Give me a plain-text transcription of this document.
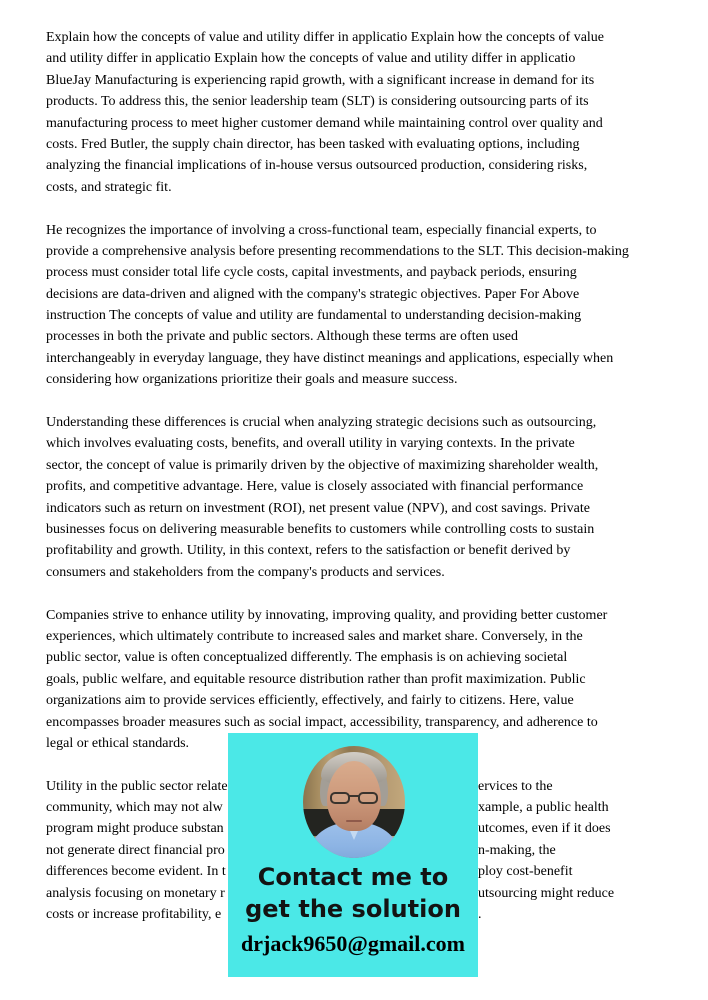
Explain how the concepts of value and utility differ in applicatio Explain how the concepts of value
and utility differ in applicatio Explain how the concepts of value and utility differ in applicatio
BlueJay Manufacturing is experiencing rapid growth, with a significant increase in demand for its
products. To address this, the senior leadership team (SLT) is considering outsourcing parts of its
manufacturing process to meet higher customer demand while maintaining control over quality and
costs. Fred Butler, the supply chain director, has been tasked with evaluating options, including
analyzing the financial implications of in-house versus outsourced production, considering risks,
costs, and strategic fit.
He recognizes the importance of involving a cross-functional team, especially financial experts, to
provide a comprehensive analysis before presenting recommendations to the SLT. This decision-making
process must consider total life cycle costs, capital investments, and payback periods, ensuring
decisions are data-driven and aligned with the company's strategic objectives. Paper For Above
instruction The concepts of value and utility are fundamental to understanding decision-making
processes in both the private and public sectors. Although these terms are often used
interchangeably in everyday language, they have distinct meanings and applications, especially when
considering how organizations prioritize their goals and measure success.
Understanding these differences is crucial when analyzing strategic decisions such as outsourcing,
which involves evaluating costs, benefits, and overall utility in varying contexts. In the private
sector, the concept of value is primarily driven by the objective of maximizing shareholder wealth,
profits, and competitive advantage. Here, value is closely associated with financial performance
indicators such as return on investment (ROI), net present value (NPV), and cost savings. Private
businesses focus on delivering measurable benefits to customers while controlling costs to sustain
profitability and growth. Utility, in this context, refers to the satisfaction or benefit derived by
consumers and stakeholders from the company's products and services.
Companies strive to enhance utility by innovating, improving quality, and providing better customer
experiences, which ultimately contribute to increased sales and market share. Conversely, in the
public sector, value is often conceptualized differently. The emphasis is on achieving societal
goals, public welfare, and equitable resource distribution rather than profit maximization. Public
organizations aim to provide services efficiently, effectively, and fairly to citizens. Here, value
encompasses broader measures such as social impact, accessibility, transparency, and adherence to
legal or ethical standards.
Utility in the public sector relate	ervices to the
community, which may not alw	xample, a public health
program might produce substan	utcomes, even if it does
not generate direct financial pro	n-making, the
differences become evident. In t	ploy cost-benefit
analysis focusing on monetary r	utsourcing might reduce
costs or increase profitability, e	.
Contact me to
get the solution
drjack9650@gmail.com
